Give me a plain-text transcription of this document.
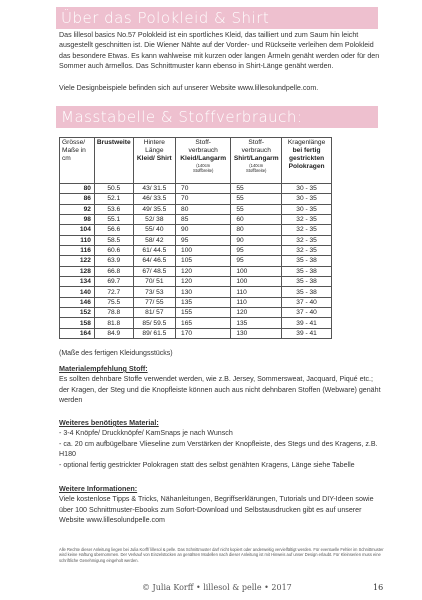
Über das Polokleid & Shirt

Das lillesol basics No.57 Polokleid ist ein sportliches Kleid, das tailliert und zum Saum hin leicht ausgestellt geschnitten ist. Die Wiener Nähte auf der Vorder- und Rückseite verleihen dem Polokleid das besondere Etwas. Es kann wahlweise mit kurzen oder langen Ärmeln genäht werden oder für den Sommer auch ärmellos. Das Schnittmuster kann ebenso in Shirt-Länge genäht werden.

Viele Designbeispiele befinden sich auf unserer Website www.lillesolundpelle.com.

Masstabelle & Stoffverbrauch:
Grösse/
Maße in
cm	Brustweite	Hintere
Länge
Kleid/ Shirt	Stoff-
verbrauch
Kleid/Langarm
(140cm
Stoffbreite)	Stoff-
verbrauch
Shirt/Langarm
(140cm
Stoffbreite)	Kragenlänge
bei fertig
gestrickten
Polokragen
80	50.5	43/ 31.5	70	55	30 - 35
86	52.1	46/ 33.5	70	55	30 - 35
92	53.6	49/ 35.5	80	55	30 - 35
98	55.1	52/ 38	85	60	32 - 35
104	56.6	55/ 40	90	80	32 - 35
110	58.5	58/ 42	95	90	32 - 35
116	60.6	61/ 44.5	100	95	32 - 35
122	63.9	64/ 46.5	105	95	35 - 38
128	66.8	67/ 48.5	120	100	35 - 38
134	69.7	70/ 51	120	100	35 - 38
140	72.7	73/ 53	130	110	35 - 38
146	75.5	77/ 55	135	110	37 - 40
152	78.8	81/ 57	155	120	37 - 40
158	81.8	85/ 59.5	165	135	39 - 41
164	84.9	89/ 61.5	170	130	39 - 41
(Maße des fertigen Kleidungsstücks)
Materialempfehlung Stoff:

Es sollten dehnbare Stoffe verwendet werden, wie z.B. Jersey, Sommersweat, Jacquard, Piqué etc.; der Kragen, der Steg und die Knopfleiste können auch aus nicht dehnbaren Stoffen (Webware) genäht werden

Weiteres benötigtes Material:

- 3-4 Knöpfe/ Druckknöpfe/ KamSnaps je nach Wunsch

- ca. 20 cm aufbügelbare Vlieseline zum Verstärken der Knopfleiste, des Stegs und des Kragens, z.B. H180

- optional fertig gestrickter Polokragen statt des selbst genähten Kragens, Länge siehe Tabelle

Weitere Informationen:

Viele kostenlose Tipps & Tricks, Nähanleitungen, Begriffserklärungen, Tutorials und DIY-Ideen sowie über 100 Schnittmuster-Ebooks zum Sofort-Download und Selbstausdrucken gibt es auf unserer Website www.lillesolundpelle.com

Alle Rechte dieser Anleitung liegen bei Julia Korff/ lillesol & pelle. Das Schnittmuster darf nicht kopiert oder anderweitig vervielfältigt werden. Für eventuelle Fehler im Schnittmuster wird keine Haftung übernommen. Der Verkauf von Einzelstücken an genähten Modellen nach dieser Anleitung ist mit Hinweis auf unser Design erlaubt. Für Kleinserien muss eine schriftliche Genehmigung eingeholt werden.

© Julia Korff • lillesol & pelle • 2017	16
